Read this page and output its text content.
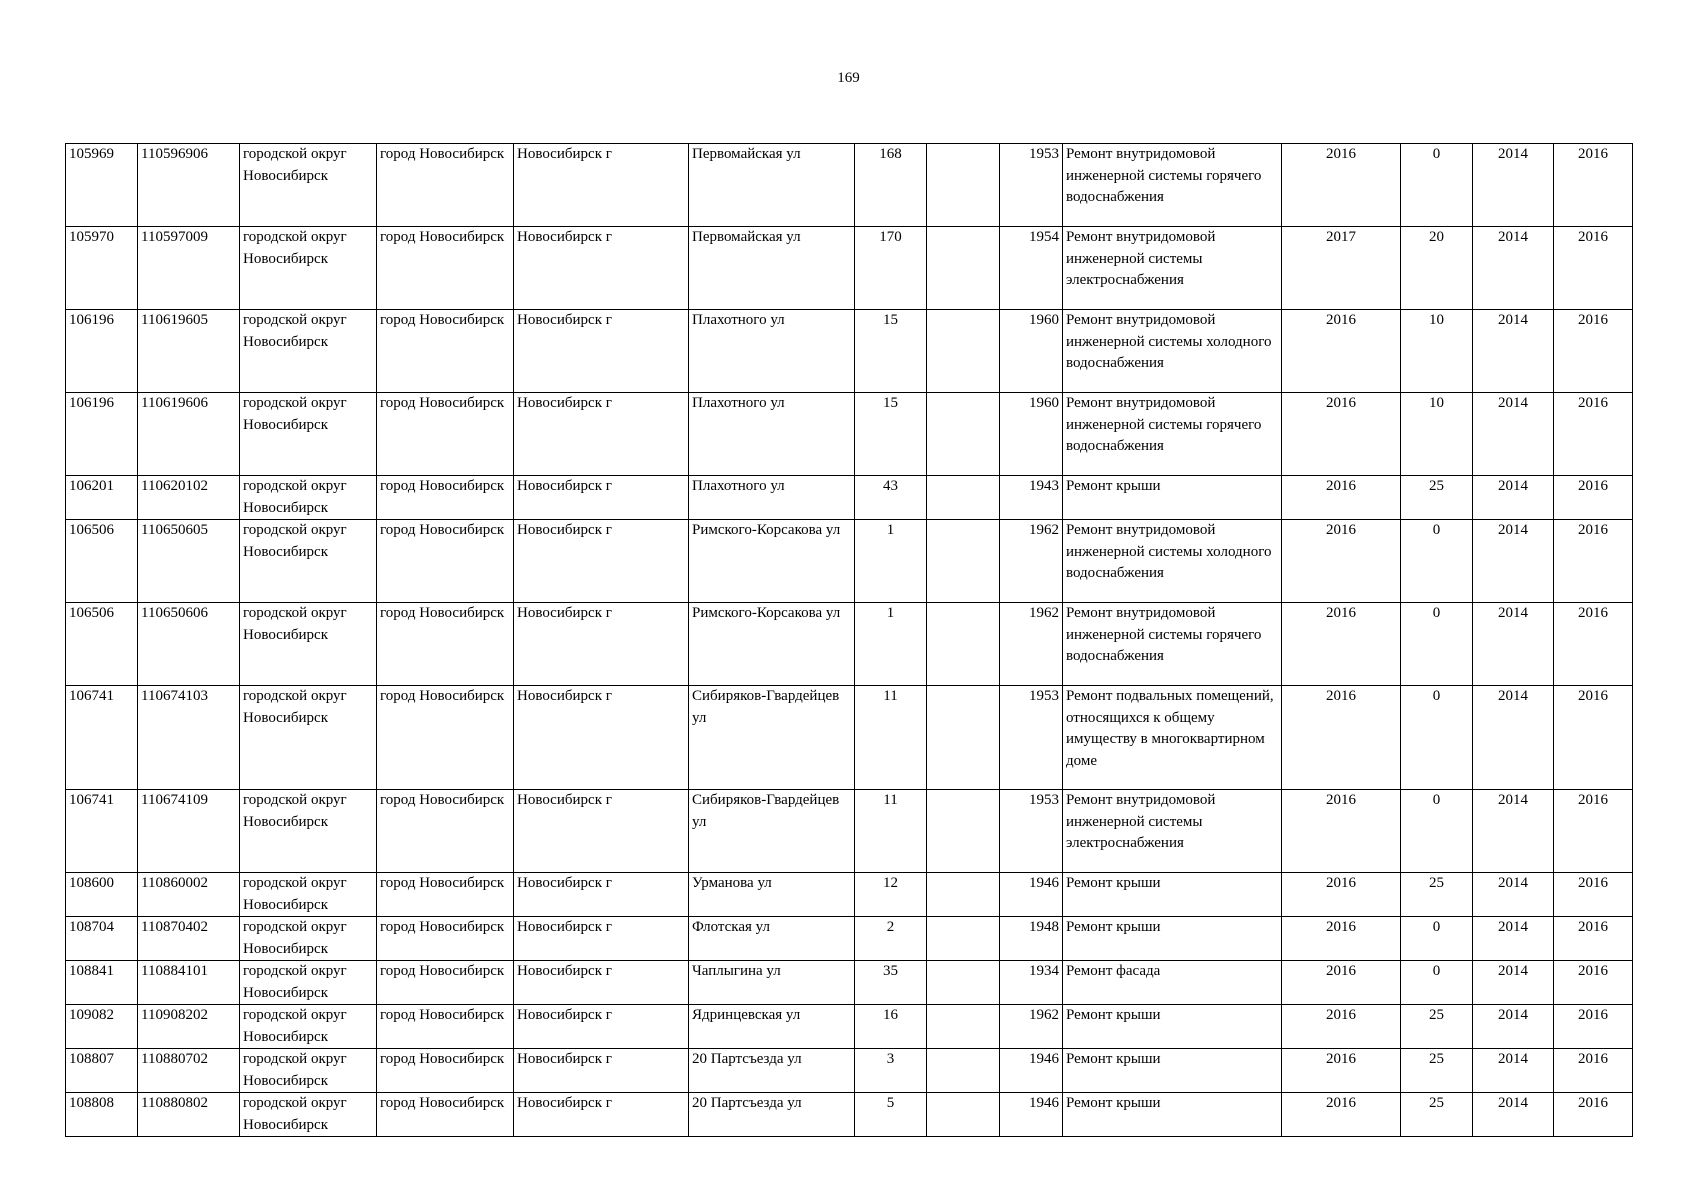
169
105969	110596906	городской округ Новосибирск	город Новосибирск	Новосибирск г	Первомайская ул	168		1953	Ремонт внутридомовой инженерной системы горячего водоснабжения	2016	0	2014	2016
105970	110597009	городской округ Новосибирск	город Новосибирск	Новосибирск г	Первомайская ул	170		1954	Ремонт внутридомовой инженерной системы электроснабжения	2017	20	2014	2016
106196	110619605	городской округ Новосибирск	город Новосибирск	Новосибирск г	Плахотного ул	15		1960	Ремонт внутридомовой инженерной системы холодного водоснабжения	2016	10	2014	2016
106196	110619606	городской округ Новосибирск	город Новосибирск	Новосибирск г	Плахотного ул	15		1960	Ремонт внутридомовой инженерной системы горячего водоснабжения	2016	10	2014	2016
106201	110620102	городской округ Новосибирск	город Новосибирск	Новосибирск г	Плахотного ул	43		1943	Ремонт крыши	2016	25	2014	2016
106506	110650605	городской округ Новосибирск	город Новосибирск	Новосибирск г	Римского-Корсакова ул	1		1962	Ремонт внутридомовой инженерной системы холодного водоснабжения	2016	0	2014	2016
106506	110650606	городской округ Новосибирск	город Новосибирск	Новосибирск г	Римского-Корсакова ул	1		1962	Ремонт внутридомовой инженерной системы горячего водоснабжения	2016	0	2014	2016
106741	110674103	городской округ Новосибирск	город Новосибирск	Новосибирск г	Сибиряков-Гвардейцев ул	11		1953	Ремонт подвальных помещений, относящихся к общему имуществу в многоквартирном доме	2016	0	2014	2016
106741	110674109	городской округ Новосибирск	город Новосибирск	Новосибирск г	Сибиряков-Гвардейцев ул	11		1953	Ремонт внутридомовой инженерной системы электроснабжения	2016	0	2014	2016
108600	110860002	городской округ Новосибирск	город Новосибирск	Новосибирск г	Урманова ул	12		1946	Ремонт крыши	2016	25	2014	2016
108704	110870402	городской округ Новосибирск	город Новосибирск	Новосибирск г	Флотская ул	2		1948	Ремонт крыши	2016	0	2014	2016
108841	110884101	городской округ Новосибирск	город Новосибирск	Новосибирск г	Чаплыгина ул	35		1934	Ремонт фасада	2016	0	2014	2016
109082	110908202	городской округ Новосибирск	город Новосибирск	Новосибирск г	Ядринцевская ул	16		1962	Ремонт крыши	2016	25	2014	2016
108807	110880702	городской округ Новосибирск	город Новосибирск	Новосибирск г	20 Партсъезда ул	3		1946	Ремонт крыши	2016	25	2014	2016
108808	110880802	городской округ Новосибирск	город Новосибирск	Новосибирск г	20 Партсъезда ул	5		1946	Ремонт крыши	2016	25	2014	2016
